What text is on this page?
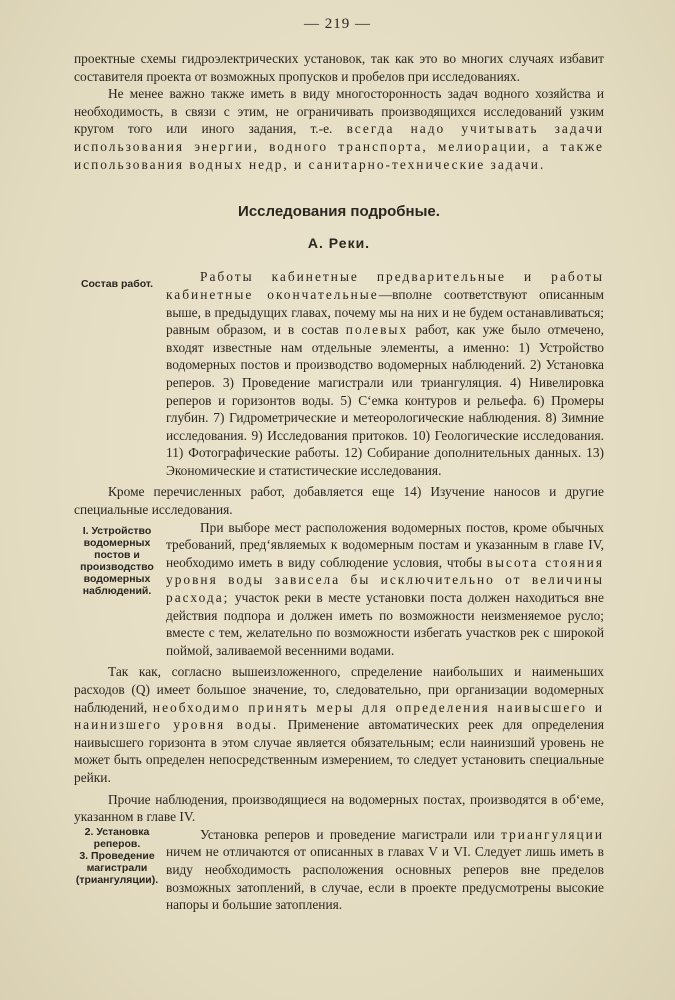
— 219 —

проектные схемы гидроэлектрических установок, так как это во многих случаях избавит составителя проекта от возможных пропусков и пробелов при исследованиях.

Не менее важно также иметь в виду многосторонность задач водного хозяйства и необходимость, в связи с этим, не ограничивать производящихся исследований узким кругом того или иного задания, т.-е. всегда надо учитывать задачи использования энергии, водного транспорта, мелиорации, а также использования водных недр, и санитарно-технические задачи.

Исследования подробные.

А. Реки.

Состав работ.	Работы кабинетные предварительные и работы кабинетные окончательные—вполне соответствуют описанным выше, в предыдущих главах, почему мы на них и не будем останавливаться; равным образом, и в состав полевых работ, как уже было отмечено, входят известные нам отдельные элементы, а именно: 1) Устройство водомерных постов и производство водомерных наблюдений. 2) Установка реперов. 3) Проведение магистрали или триангуляция. 4) Нивелировка реперов и горизонтов воды. 5) Сʻемка контуров и рельефа. 6) Промеры глубин. 7) Гидрометрические и метеорологические наблюдения. 8) Зимние исследования. 9) Исследования притоков. 10) Геологические исследования. 11) Фотографические работы. 12) Собирание дополнительных данных. 13) Экономические и статистические исследования.

Кроме перечисленных работ, добавляется еще 14) Изучение наносов и другие специальные исследования.

I. Устройство водомерных постов и производство водомерных наблюдений.

При выборе мест расположения водомерных постов, кроме обычных требований, предʻявляемых к водомерным постам и указанным в главе IV, необходимо иметь в виду соблюдение условия, чтобы высота стояния уровня воды зависела бы исключительно от величины расхода; участок реки в месте установки поста должен находиться вне действия подпора и должен иметь по возможности неизменяемое русло; вместе с тем, желательно по возможности избегать участков рек с широкой поймой, заливаемой весенними водами.

Так как, согласно вышеизложенного, спределение наибольших и наименьших расходов (Q) имеет большое значение, то, следовательно, при организации водомерных наблюдений, необходимо принять меры для определения наивысшего и наинизшего уровня воды. Применение автоматических реек для определения наивысшего горизонта в этом случае является обязательным; если наинизший уровень не может быть определен непосредственным измерением, то следует установить специальные рейки.

Прочие наблюдения, производящиеся на водомерных постах, производятся в обʻеме, указанном в главе IV.

2. Установка реперов.
3. Проведение магистрали (триангуляции).

Установка реперов и проведение магистрали или триангуляции ничем не отличаются от описанных в главах V и VI. Следует лишь иметь в виду необходимость расположения основных реперов вне пределов возможных затоплений, в случае, если в проекте предусмотрены высокие напоры и большие затопления.
